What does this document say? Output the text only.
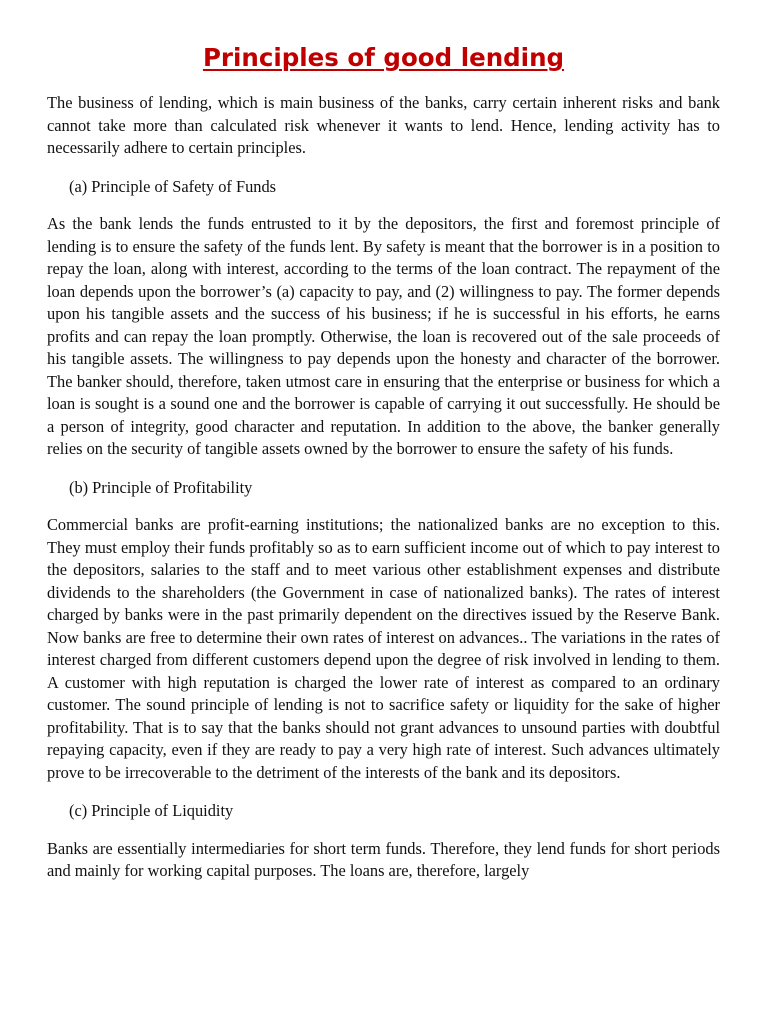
Principles of good lending

The business of lending, which is main business of the banks, carry certain inherent risks and bank cannot take more than calculated risk whenever it wants to lend. Hence, lending activity has to necessarily adhere to certain principles.

(a) Principle of Safety of Funds

As the bank lends the funds entrusted to it by the depositors, the first and foremost principle of lending is to ensure the safety of the funds lent. By safety is meant that the borrower is in a position to repay the loan, along with interest, according to the terms of the loan contract. The repayment of the loan depends upon the borrower’s (a) capacity to pay, and (2) willingness to pay. The former depends upon his tangible assets and the success of his business; if he is successful in his efforts, he earns profits and can repay the loan promptly. Otherwise, the loan is recovered out of the sale proceeds of his tangible assets. The willingness to pay depends upon the honesty and character of the borrower. The banker should, therefore, taken utmost care in ensuring that the enterprise or business for which a loan is sought is a sound one and the borrower is capable of carrying it out successfully. He should be a person of integrity, good character and reputation. In addition to the above, the banker generally relies on the security of tangible assets owned by the borrower to ensure the safety of his funds.

(b) Principle of Profitability

Commercial banks are profit-earning institutions; the nationalized banks are no exception to this. They must employ their funds profitably so as to earn sufficient income out of which to pay interest to the depositors, salaries to the staff and to meet various other establishment expenses and distribute dividends to the shareholders (the Government in case of nationalized banks). The rates of interest charged by banks were in the past primarily dependent on the directives issued by the Reserve Bank. Now banks are free to determine their own rates of interest on advances.. The variations in the rates of interest charged from different customers depend upon the degree of risk involved in lending to them. A customer with high reputation is charged the lower rate of interest as compared to an ordinary customer. The sound principle of lending is not to sacrifice safety or liquidity for the sake of higher profitability. That is to say that the banks should not grant advances to unsound parties with doubtful repaying capacity, even if they are ready to pay a very high rate of interest. Such advances ultimately prove to be irrecoverable to the detriment of the interests of the bank and its depositors.

(c) Principle of Liquidity

Banks are essentially intermediaries for short term funds. Therefore, they lend funds for short periods and mainly for working capital purposes. The loans are, therefore, largely
